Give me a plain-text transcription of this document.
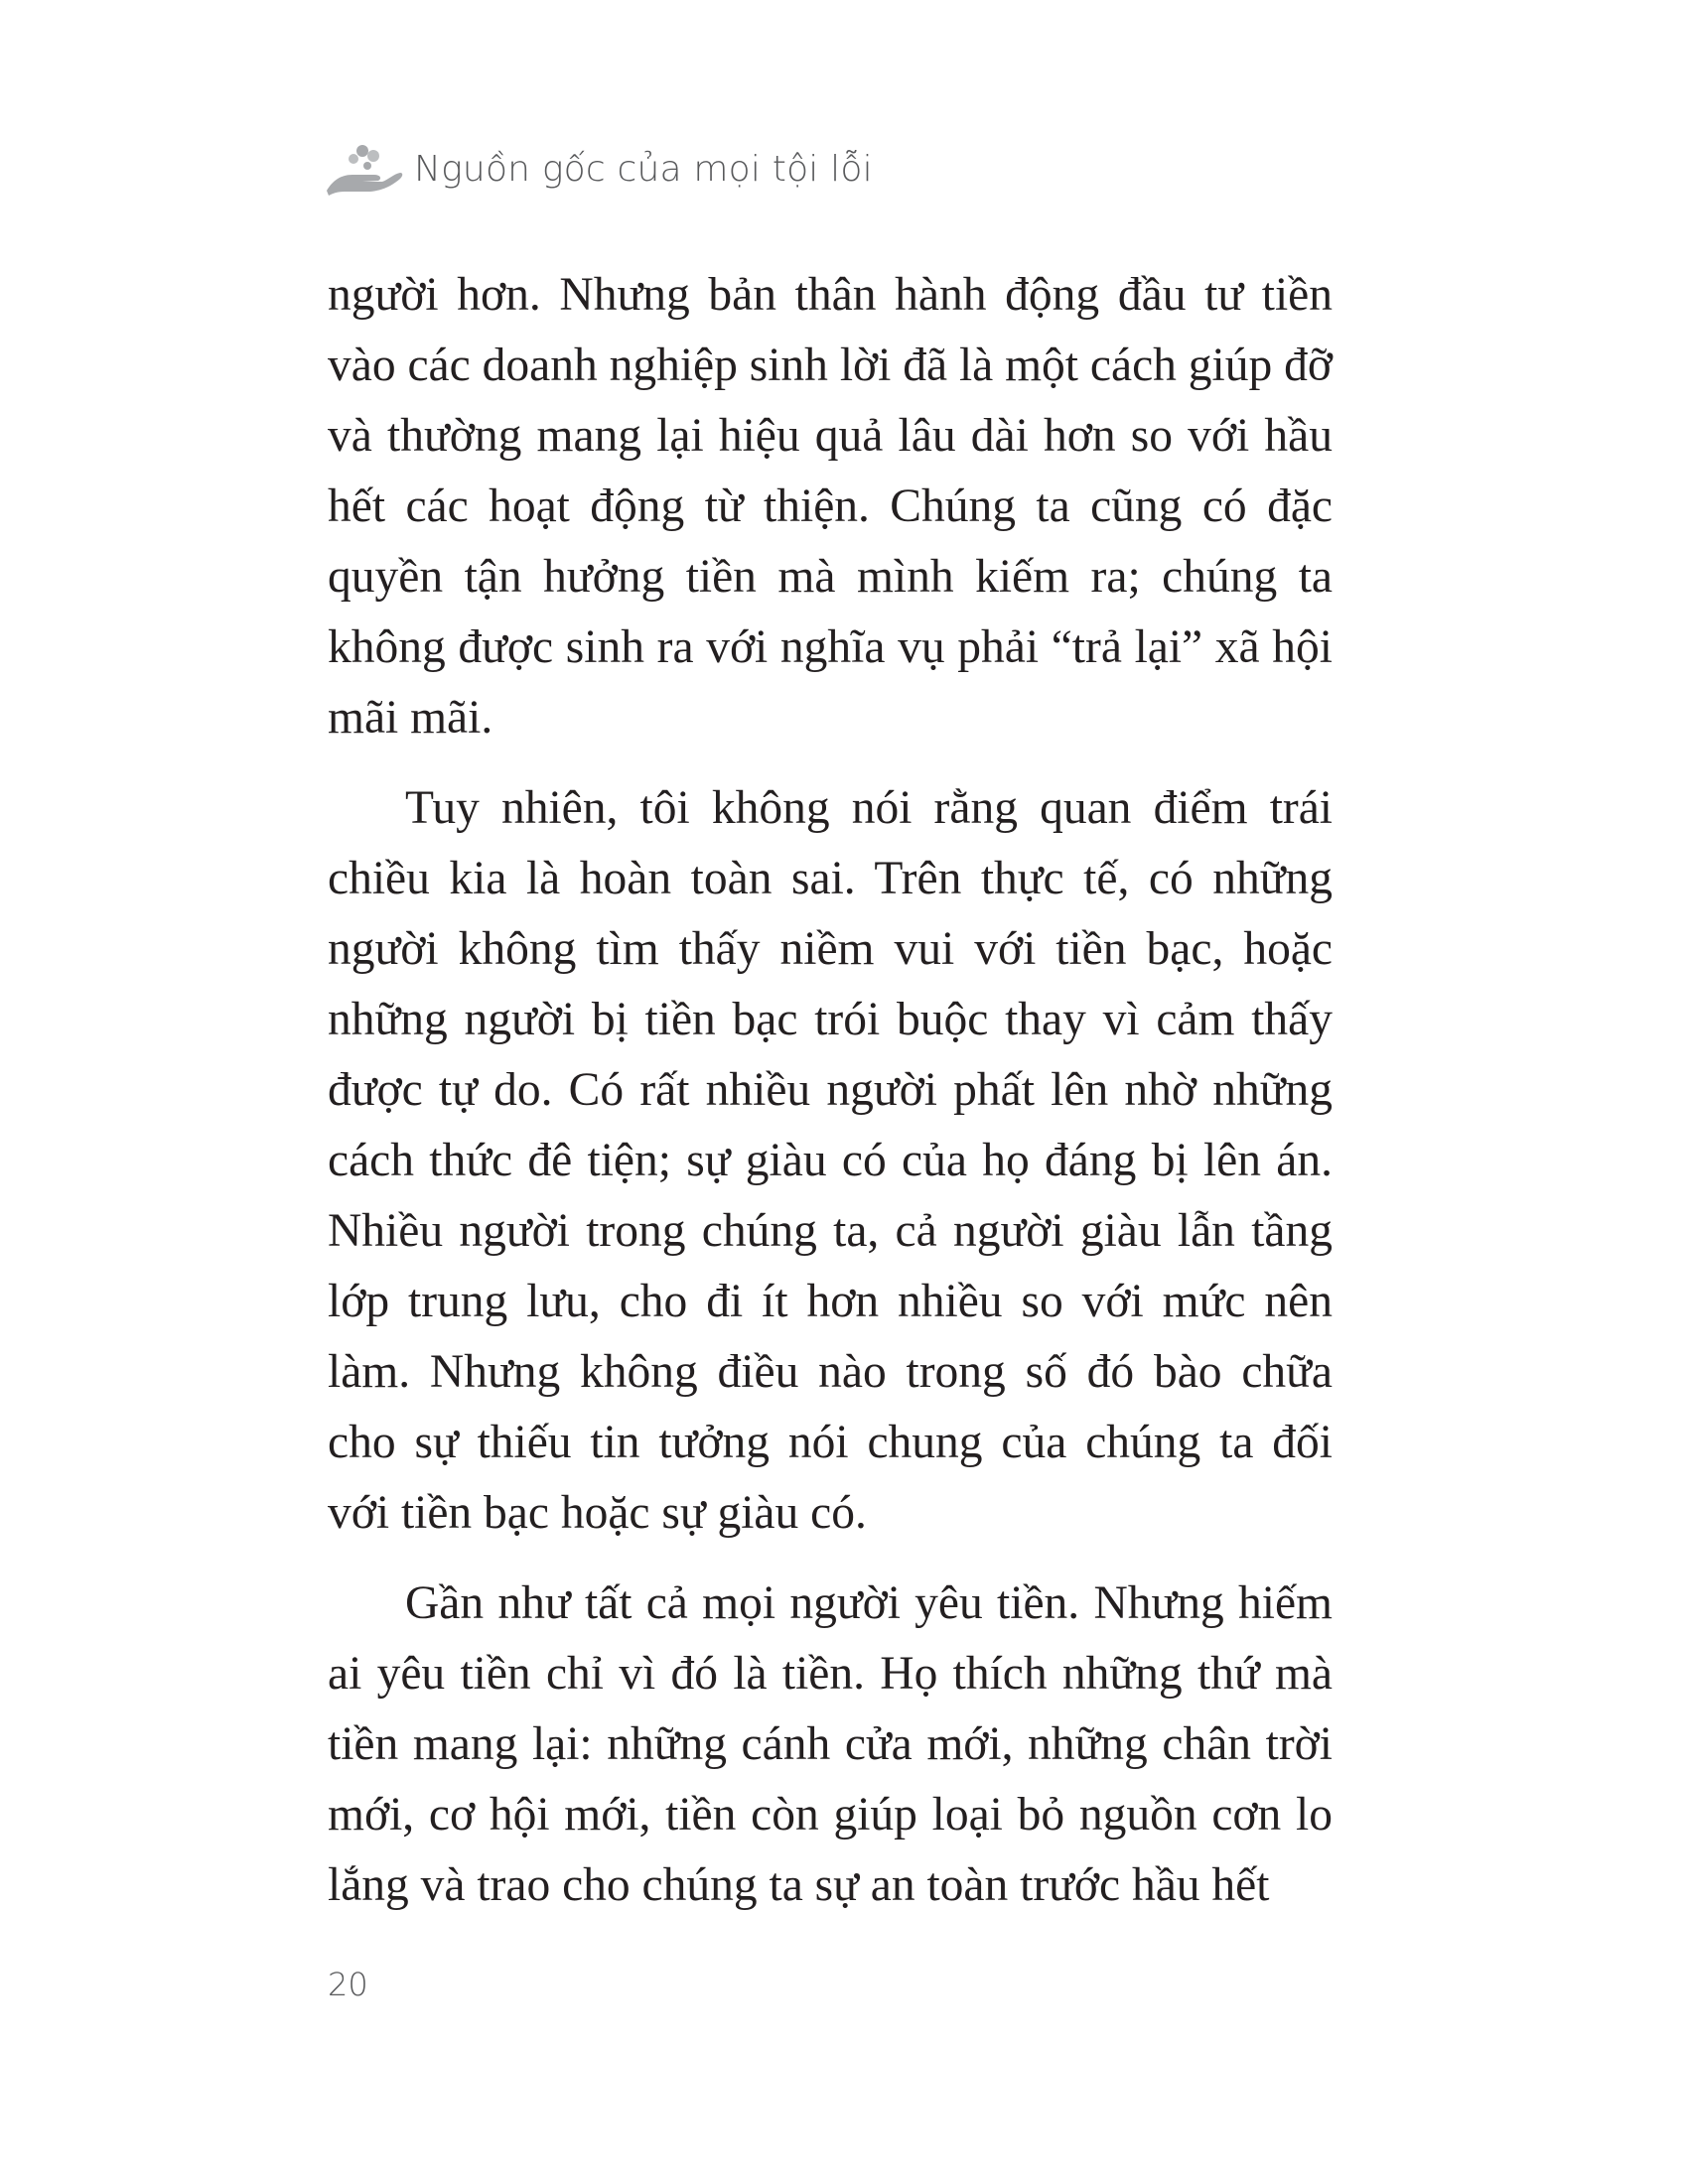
Nguồn gốc của mọi tội lỗi

người hơn. Nhưng bản thân hành động đầu tư tiền vào các doanh nghiệp sinh lời đã là một cách giúp đỡ và thường mang lại hiệu quả lâu dài hơn so với hầu hết các hoạt động từ thiện. Chúng ta cũng có đặc quyền tận hưởng tiền mà mình kiếm ra; chúng ta không được sinh ra với nghĩa vụ phải “trả lại” xã hội mãi mãi.

Tuy nhiên, tôi không nói rằng quan điểm trái chiều kia là hoàn toàn sai. Trên thực tế, có những người không tìm thấy niềm vui với tiền bạc, hoặc những người bị tiền bạc trói buộc thay vì cảm thấy được tự do. Có rất nhiều người phất lên nhờ những cách thức đê tiện; sự giàu có của họ đáng bị lên án. Nhiều người trong chúng ta, cả người giàu lẫn tầng lớp trung lưu, cho đi ít hơn nhiều so với mức nên làm. Nhưng không điều nào trong số đó bào chữa cho sự thiếu tin tưởng nói chung của chúng ta đối với tiền bạc hoặc sự giàu có.

Gần như tất cả mọi người yêu tiền. Nhưng hiếm ai yêu tiền chỉ vì đó là tiền. Họ thích những thứ mà tiền mang lại: những cánh cửa mới, những chân trời mới, cơ hội mới, tiền còn giúp loại bỏ nguồn cơn lo lắng và trao cho chúng ta sự an toàn trước hầu hết

20
